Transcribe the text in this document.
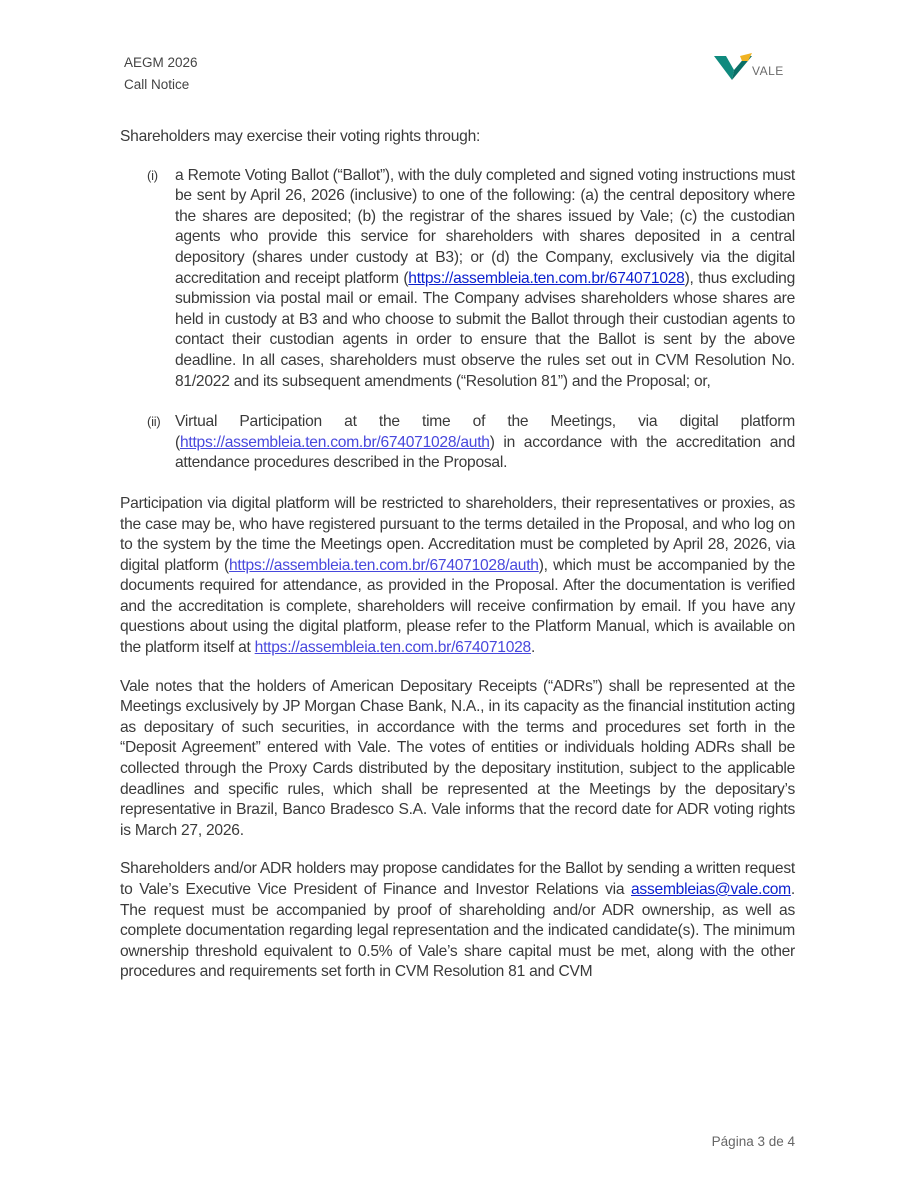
AEGM 2026
Call Notice
VALE

Shareholders may exercise their voting rights through:

(i)	a Remote Voting Ballot (“Ballot”), with the duly completed and signed voting instructions must be sent by April 26, 2026 (inclusive) to one of the following: (a) the central depository where the shares are deposited; (b) the registrar of the shares issued by Vale; (c) the custodian agents who provide this service for shareholders with shares deposited in a central depository (shares under custody at B3); or (d) the Company, exclusively via the digital accreditation and receipt platform (https://assembleia.ten.com.br/674071028), thus excluding submission via postal mail or email. The Company advises shareholders whose shares are held in custody at B3 and who choose to submit the Ballot through their custodian agents to contact their custodian agents in order to ensure that the Ballot is sent by the above deadline. In all cases, shareholders must observe the rules set out in CVM Resolution No. 81/2022 and its subsequent amendments (“Resolution 81”) and the Proposal; or,
(ii) Virtual Participation at the time of the Meetings, via digital platform (https://assembleia.ten.com.br/674071028/auth) in accordance with the accreditation and attendance procedures described in the Proposal.

Participation via digital platform will be restricted to shareholders, their representatives or proxies, as the case may be, who have registered pursuant to the terms detailed in the Proposal, and who log on to the system by the time the Meetings open. Accreditation must be completed by April 28, 2026, via digital platform (https://assembleia.ten.com.br/674071028/auth), which must be accompanied by the documents required for attendance, as provided in the Proposal. After the documentation is verified and the accreditation is complete, shareholders will receive confirmation by email. If you have any questions about using the digital platform, please refer to the Platform Manual, which is available on the platform itself at https://assembleia.ten.com.br/674071028.

Vale notes that the holders of American Depositary Receipts (“ADRs”) shall be represented at the Meetings exclusively by JP Morgan Chase Bank, N.A., in its capacity as the financial institution acting as depositary of such securities, in accordance with the terms and procedures set forth in the “Deposit Agreement” entered with Vale. The votes of entities or individuals holding ADRs shall be collected through the Proxy Cards distributed by the depositary institution, subject to the applicable deadlines and specific rules, which shall be represented at the Meetings by the depositary’s representative in Brazil, Banco Bradesco S.A. Vale informs that the record date for ADR voting rights is March 27, 2026.

Shareholders and/or ADR holders may propose candidates for the Ballot by sending a written request to Vale’s Executive Vice President of Finance and Investor Relations via assembleias@vale.com. The request must be accompanied by proof of shareholding and/or ADR ownership, as well as complete documentation regarding legal representation and the indicated candidate(s). The minimum ownership threshold equivalent to 0.5% of Vale’s share capital must be met, along with the other procedures and requirements set forth in CVM Resolution 81 and CVM

Página 3 de 4
